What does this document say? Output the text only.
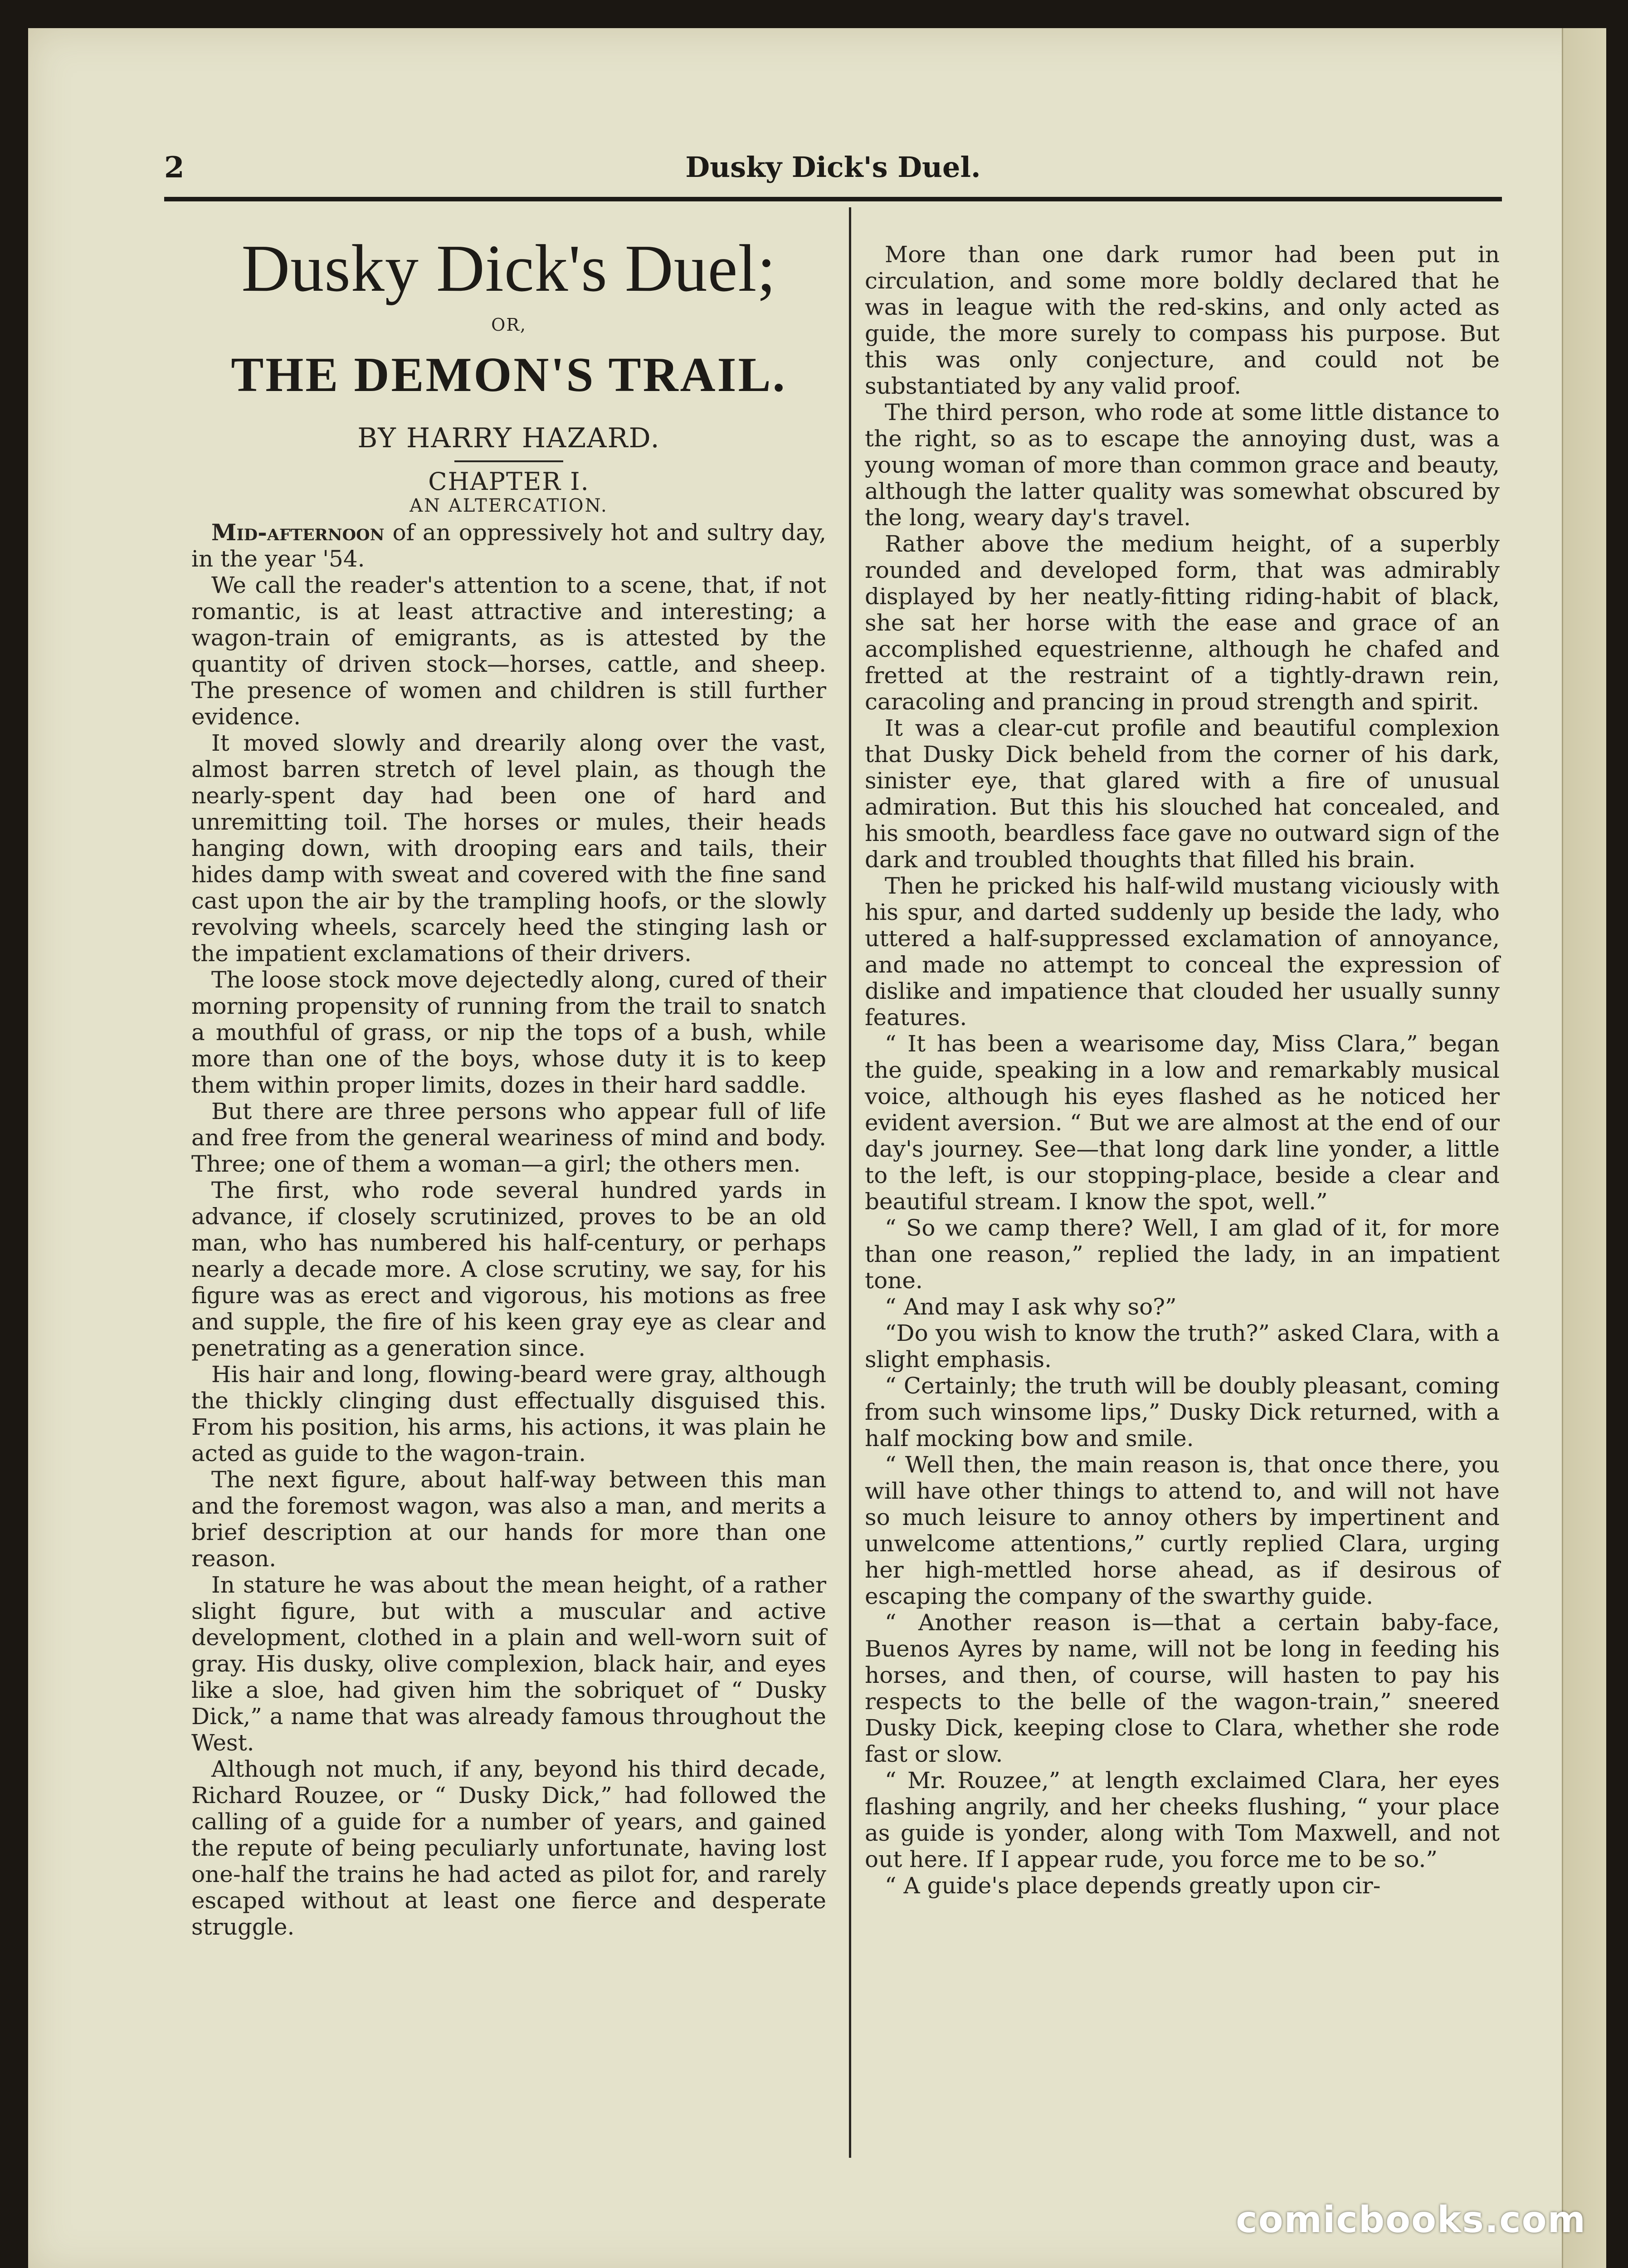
2	Dusky Dick's Duel.
Dusky Dick's Duel;
OR,
THE DEMON'S TRAIL.
BY HARRY HAZARD.
CHAPTER I.
AN ALTERCATION.

Mid-afternoon of an oppressively hot and sultry day, in the year '54.

We call the reader's attention to a scene, that, if not romantic, is at least attractive and interesting; a wagon-train of emigrants, as is attested by the quantity of driven stock—horses, cattle, and sheep. The presence of women and children is still further evidence.

It moved slowly and drearily along over the vast, almost barren stretch of level plain, as though the nearly-spent day had been one of hard and unremitting toil. The horses or mules, their heads hanging down, with drooping ears and tails, their hides damp with sweat and covered with the fine sand cast upon the air by the trampling hoofs, or the slowly revolving wheels, scarcely heed the stinging lash or the impatient exclamations of their drivers.

The loose stock move dejectedly along, cured of their morning propensity of running from the trail to snatch a mouthful of grass, or nip the tops of a bush, while more than one of the boys, whose duty it is to keep them within proper limits, dozes in their hard saddle.

But there are three persons who appear full of life and free from the general weariness of mind and body. Three; one of them a woman—a girl; the others men.

The first, who rode several hundred yards in advance, if closely scrutinized, proves to be an old man, who has numbered his half-century, or perhaps nearly a decade more. A close scrutiny, we say, for his figure was as erect and vigorous, his motions as free and supple, the fire of his keen gray eye as clear and penetrating as a generation since.

His hair and long, flowing-beard were gray, although the thickly clinging dust effectually disguised this. From his position, his arms, his actions, it was plain he acted as guide to the wagon-train.

The next figure, about half-way between this man and the foremost wagon, was also a man, and merits a brief description at our hands for more than one reason.

In stature he was about the mean height, of a rather slight figure, but with a muscular and active development, clothed in a plain and well-worn suit of gray. His dusky, olive complexion, black hair, and eyes like a sloe, had given him the sobriquet of “ Dusky Dick,” a name that was already famous throughout the West.

Although not much, if any, beyond his third decade, Richard Rouzee, or “ Dusky Dick,” had followed the calling of a guide for a number of years, and gained the repute of being peculiarly unfortunate, having lost one-half the trains he had acted as pilot for, and rarely escaped without at least one fierce and desperate struggle.

More than one dark rumor had been put in circulation, and some more boldly declared that he was in league with the red-skins, and only acted as guide, the more surely to compass his purpose. But this was only conjecture, and could not be substantiated by any valid proof.

The third person, who rode at some little distance to the right, so as to escape the annoying dust, was a young woman of more than common grace and beauty, although the latter quality was somewhat obscured by the long, weary day's travel.

Rather above the medium height, of a superbly rounded and developed form, that was admirably displayed by her neatly-fitting riding-habit of black, she sat her horse with the ease and grace of an accomplished equestrienne, although he chafed and fretted at the restraint of a tightly-drawn rein, caracoling and prancing in proud strength and spirit.

It was a clear-cut profile and beautiful complexion that Dusky Dick beheld from the corner of his dark, sinister eye, that glared with a fire of unusual admiration. But this his slouched hat concealed, and his smooth, beardless face gave no outward sign of the dark and troubled thoughts that filled his brain.

Then he pricked his half-wild mustang viciously with his spur, and darted suddenly up beside the lady, who uttered a half-suppressed exclamation of annoyance, and made no attempt to conceal the expression of dislike and impatience that clouded her usually sunny features.

“ It has been a wearisome day, Miss Clara,” began the guide, speaking in a low and remarkably musical voice, although his eyes flashed as he noticed her evident aversion. “ But we are almost at the end of our day's journey. See—that long dark line yonder, a little to the left, is our stopping-place, beside a clear and beautiful stream. I know the spot, well.”

“ So we camp there? Well, I am glad of it, for more than one reason,” replied the lady, in an impatient tone.

“ And may I ask why so?”

“Do you wish to know the truth?” asked Clara, with a slight emphasis.

“ Certainly; the truth will be doubly pleasant, coming from such winsome lips,” Dusky Dick returned, with a half mocking bow and smile.

“ Well then, the main reason is, that once there, you will have other things to attend to, and will not have so much leisure to annoy others by impertinent and unwelcome attentions,” curtly replied Clara, urging her high-mettled horse ahead, as if desirous of escaping the company of the swarthy guide.

“ Another reason is—that a certain baby-face, Buenos Ayres by name, will not be long in feeding his horses, and then, of course, will hasten to pay his respects to the belle of the wagon-train,” sneered Dusky Dick, keeping close to Clara, whether she rode fast or slow.

“ Mr. Rouzee,” at length exclaimed Clara, her eyes flashing angrily, and her cheeks flushing, “ your place as guide is yonder, along with Tom Maxwell, and not out here. If I appear rude, you force me to be so.”

“ A guide's place depends greatly upon cir-

comicbooks.com
